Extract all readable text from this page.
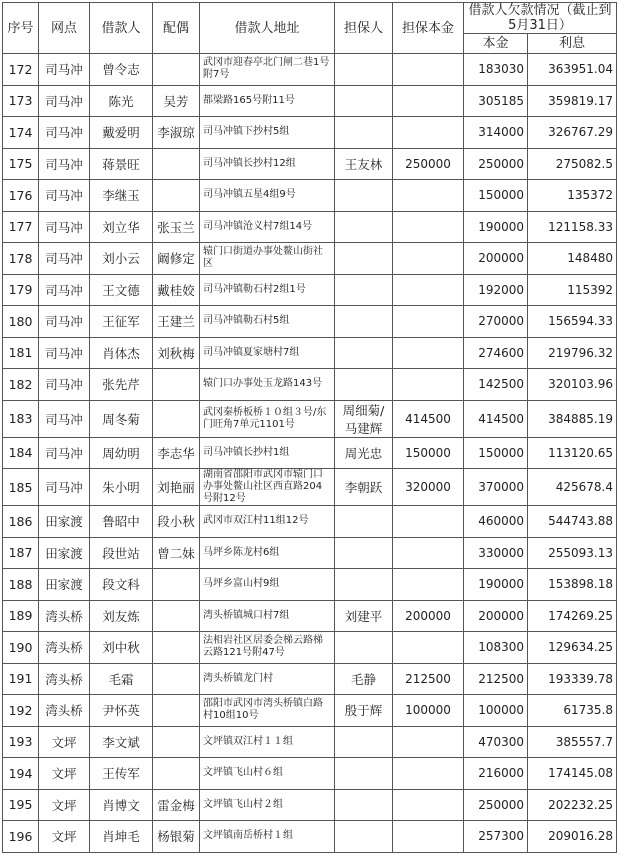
序号	网点	借款人	配偶	借款人地址	担保人	担保本金	借款人欠款情况（截止到
5月31日）	

							本金	利息
172	司马冲	曾令志		武冈市迎春亭北门闸二巷1号附7号			183030	363951.04
173	司马冲	陈光	吴芳	都梁路165号附11号			305185	359819.17
174	司马冲	戴爱明	李淑琼	司马冲镇下抄村5组			314000	326767.29
175	司马冲	蒋景旺		司马冲镇长抄村12组	王友林	250000	250000	275082.5
176	司马冲	李继玉		司马冲镇五星4组9号			150000	135372
177	司马冲	刘立华	张玉兰	司马冲镇沧义村7组14号			190000	121158.33
178	司马冲	刘小云	阚修定	辕门口街道办事处鳌山街社区			200000	148480
179	司马冲	王文德	戴桂姣	司马冲镇勒石村2组1号			192000	115392
180	司马冲	王征军	王建兰	司马冲镇勒石村5组			270000	156594.33
181	司马冲	肖体杰	刘秋梅	司马冲镇夏家塘村7组			274600	219796.32
182	司马冲	张先芹		辕门口办事处玉龙路143号			142500	320103.96
183	司马冲	周冬菊		武冈秦桥板桥１０组３号/东门旺角7单元1101号	周细菊/马建辉	414500	414500	384885.19
184	司马冲	周幼明	李志华	司马冲镇长抄村1组	周光忠	150000	150000	113120.65
185	司马冲	朱小明	刘艳丽	湖南省邵阳市武冈市辕门口办事处鳌山社区西直路204号附12号	李朝跃	320000	370000	425678.4
186	田家渡	鲁昭中	段小秋	武冈市双江村11组12号			460000	544743.88
187	田家渡	段世站	曾二妹	马坪乡陈龙村6组			330000	255093.13
188	田家渡	段文科		马坪乡富山村9组			190000	153898.18
189	湾头桥	刘友炼		湾头桥镇城口村7组	刘建平	200000	200000	174269.25
190	湾头桥	刘中秋		法相岩社区居委会梯云路梯云路121号附47号			108300	129634.25
191	湾头桥	毛霜		湾头桥镇龙门村	毛静	212500	212500	193339.78
192	湾头桥	尹怀英		邵阳市武冈市湾头桥镇白路村10组10号	殷于辉	100000	100000	61735.8
193	文坪	李文斌		文坪镇双江村１１组			470300	385557.7
194	文坪	王传军		文坪镇飞山村６组			216000	174145.08
195	文坪	肖博文	雷金梅	文坪镇飞山村２组			250000	202232.25
196	文坪	肖坤毛	杨银菊	文坪镇南岳桥村１组			257300	209016.28
